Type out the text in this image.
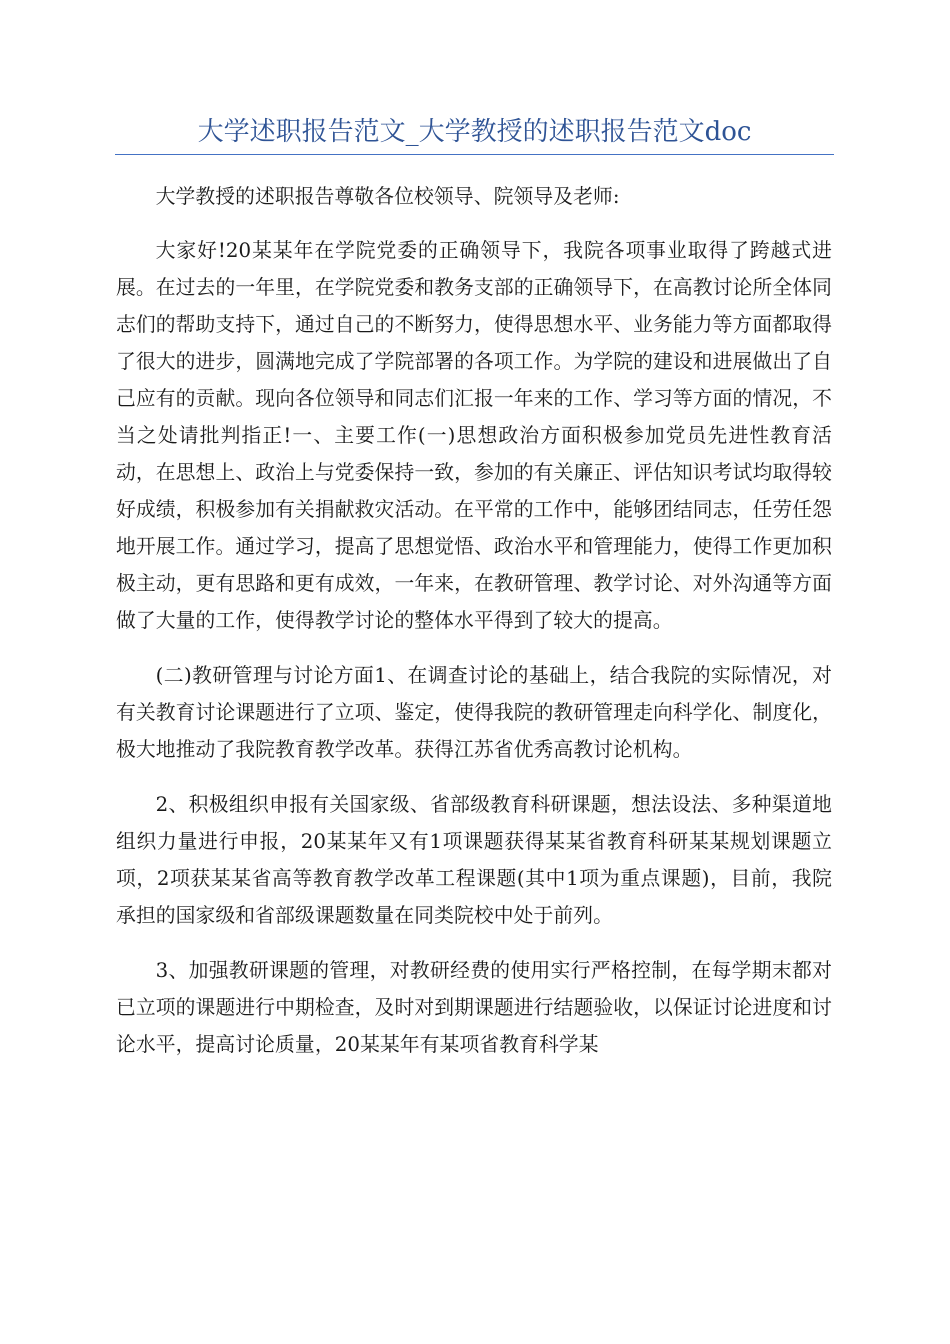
大学述职报告范文_大学教授的述职报告范文doc

大学教授的述职报告尊敬各位校领导、院领导及老师:

大家好!20某某年在学院党委的正确领导下，我院各项事业取得了跨越式进展。在过去的一年里，在学院党委和教务支部的正确领导下，在高教讨论所全体同志们的帮助支持下，通过自己的不断努力，使得思想水平、业务能力等方面都取得了很大的进步，圆满地完成了学院部署的各项工作。为学院的建设和进展做出了自己应有的贡献。现向各位领导和同志们汇报一年来的工作、学习等方面的情况，不当之处请批判指正!一、主要工作(一)思想政治方面积极参加党员先进性教育活动，在思想上、政治上与党委保持一致，参加的有关廉正、评估知识考试均取得较好成绩，积极参加有关捐献救灾活动。在平常的工作中，能够团结同志，任劳任怨地开展工作。通过学习，提高了思想觉悟、政治水平和管理能力，使得工作更加积极主动，更有思路和更有成效，一年来，在教研管理、教学讨论、对外沟通等方面做了大量的工作，使得教学讨论的整体水平得到了较大的提高。

(二)教研管理与讨论方面1、在调查讨论的基础上，结合我院的实际情况，对有关教育讨论课题进行了立项、鉴定，使得我院的教研管理走向科学化、制度化，极大地推动了我院教育教学改革。获得江苏省优秀高教讨论机构。

2、积极组织申报有关国家级、省部级教育科研课题，想法设法、多种渠道地组织力量进行申报，20某某年又有1项课题获得某某省教育科研某某规划课题立项，2项获某某省高等教育教学改革工程课题(其中1项为重点课题)，目前，我院承担的国家级和省部级课题数量在同类院校中处于前列。

3、加强教研课题的管理，对教研经费的使用实行严格控制，在每学期末都对已立项的课题进行中期检查，及时对到期课题进行结题验收，以保证讨论进度和讨论水平，提高讨论质量，20某某年有某项省教育科学某
